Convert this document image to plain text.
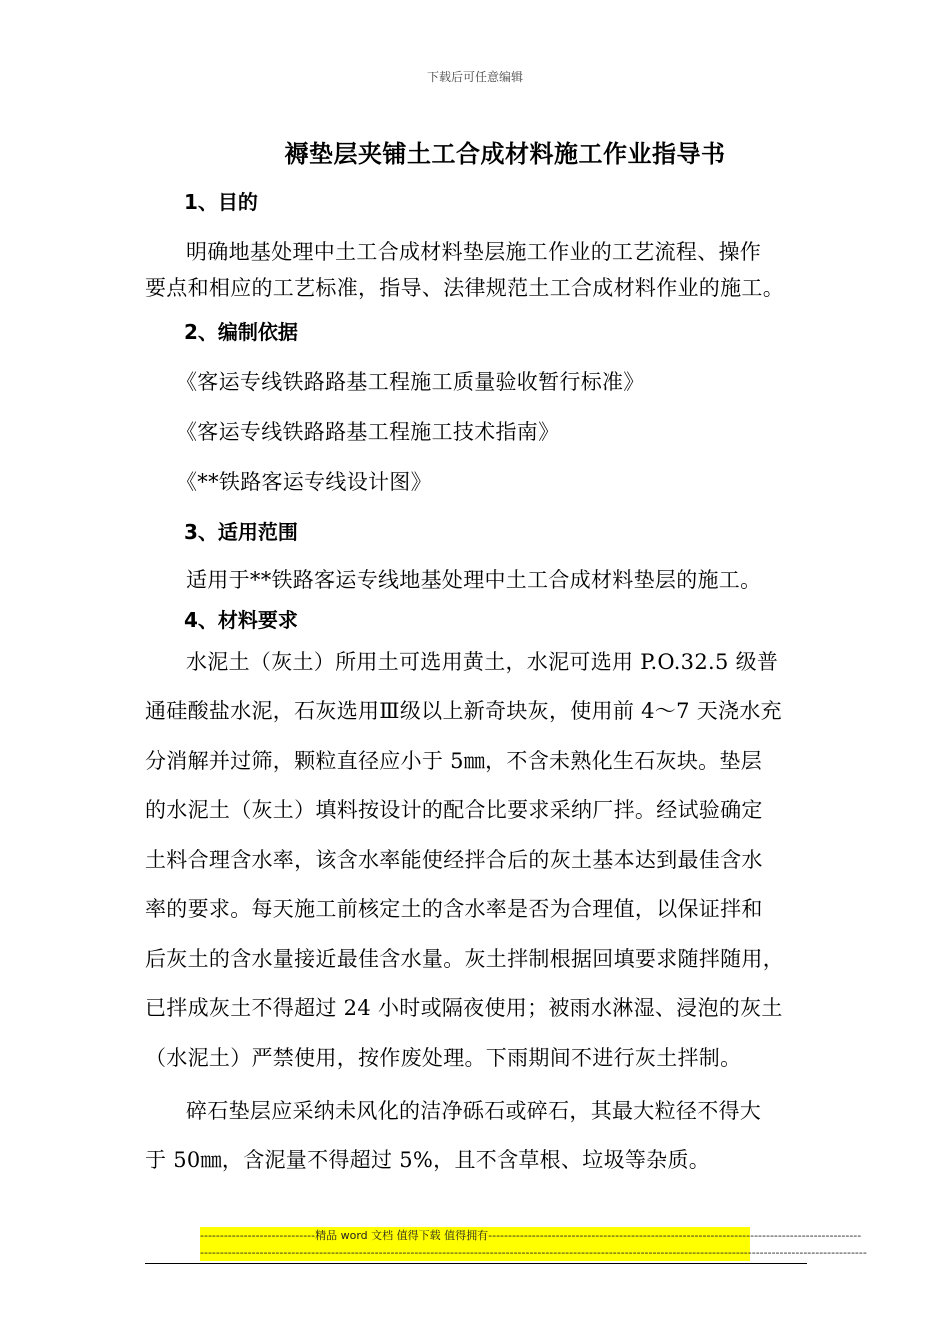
下载后可任意编辑
褥垫层夹铺土工合成材料施工作业指导书
1、目的
明确地基处理中土工合成材料垫层施工作业的工艺流程、操作
要点和相应的工艺标准，指导、法律规范土工合成材料作业的施工。
2、编制依据
《客运专线铁路路基工程施工质量验收暂行标准》
《客运专线铁路路基工程施工技术指南》
《**铁路客运专线设计图》
3、适用范围
适用于**铁路客运专线地基处理中土工合成材料垫层的施工。
4、材料要求
水泥土（灰土）所用土可选用黄土，水泥可选用 P.O.32.5 级普
通硅酸盐水泥，石灰选用Ⅲ级以上新奇块灰，使用前 4～7 天浇水充
分消解并过筛，颗粒直径应小于 5㎜，不含未熟化生石灰块。垫层
的水泥土（灰土）填料按设计的配合比要求采纳厂拌。经试验确定
土料合理含水率，该含水率能使经拌合后的灰土基本达到最佳含水
率的要求。每天施工前核定土的含水率是否为合理值，以保证拌和
后灰土的含水量接近最佳含水量。灰土拌制根据回填要求随拌随用，
已拌成灰土不得超过 24 小时或隔夜使用；被雨水淋湿、浸泡的灰土
（水泥土）严禁使用，按作废处理。下雨期间不进行灰土拌制。
碎石垫层应采纳未风化的洁净砾石或碎石，其最大粒径不得大
于 50㎜，含泥量不得超过 5%，且不含草根、垃圾等杂质。
-----------------------------精品 word 文档 值得下载 值得拥有----------------------------------------------------------------------------------------------
------------------------------------------------------------------------------------------------------------------------------------------------------------------------
